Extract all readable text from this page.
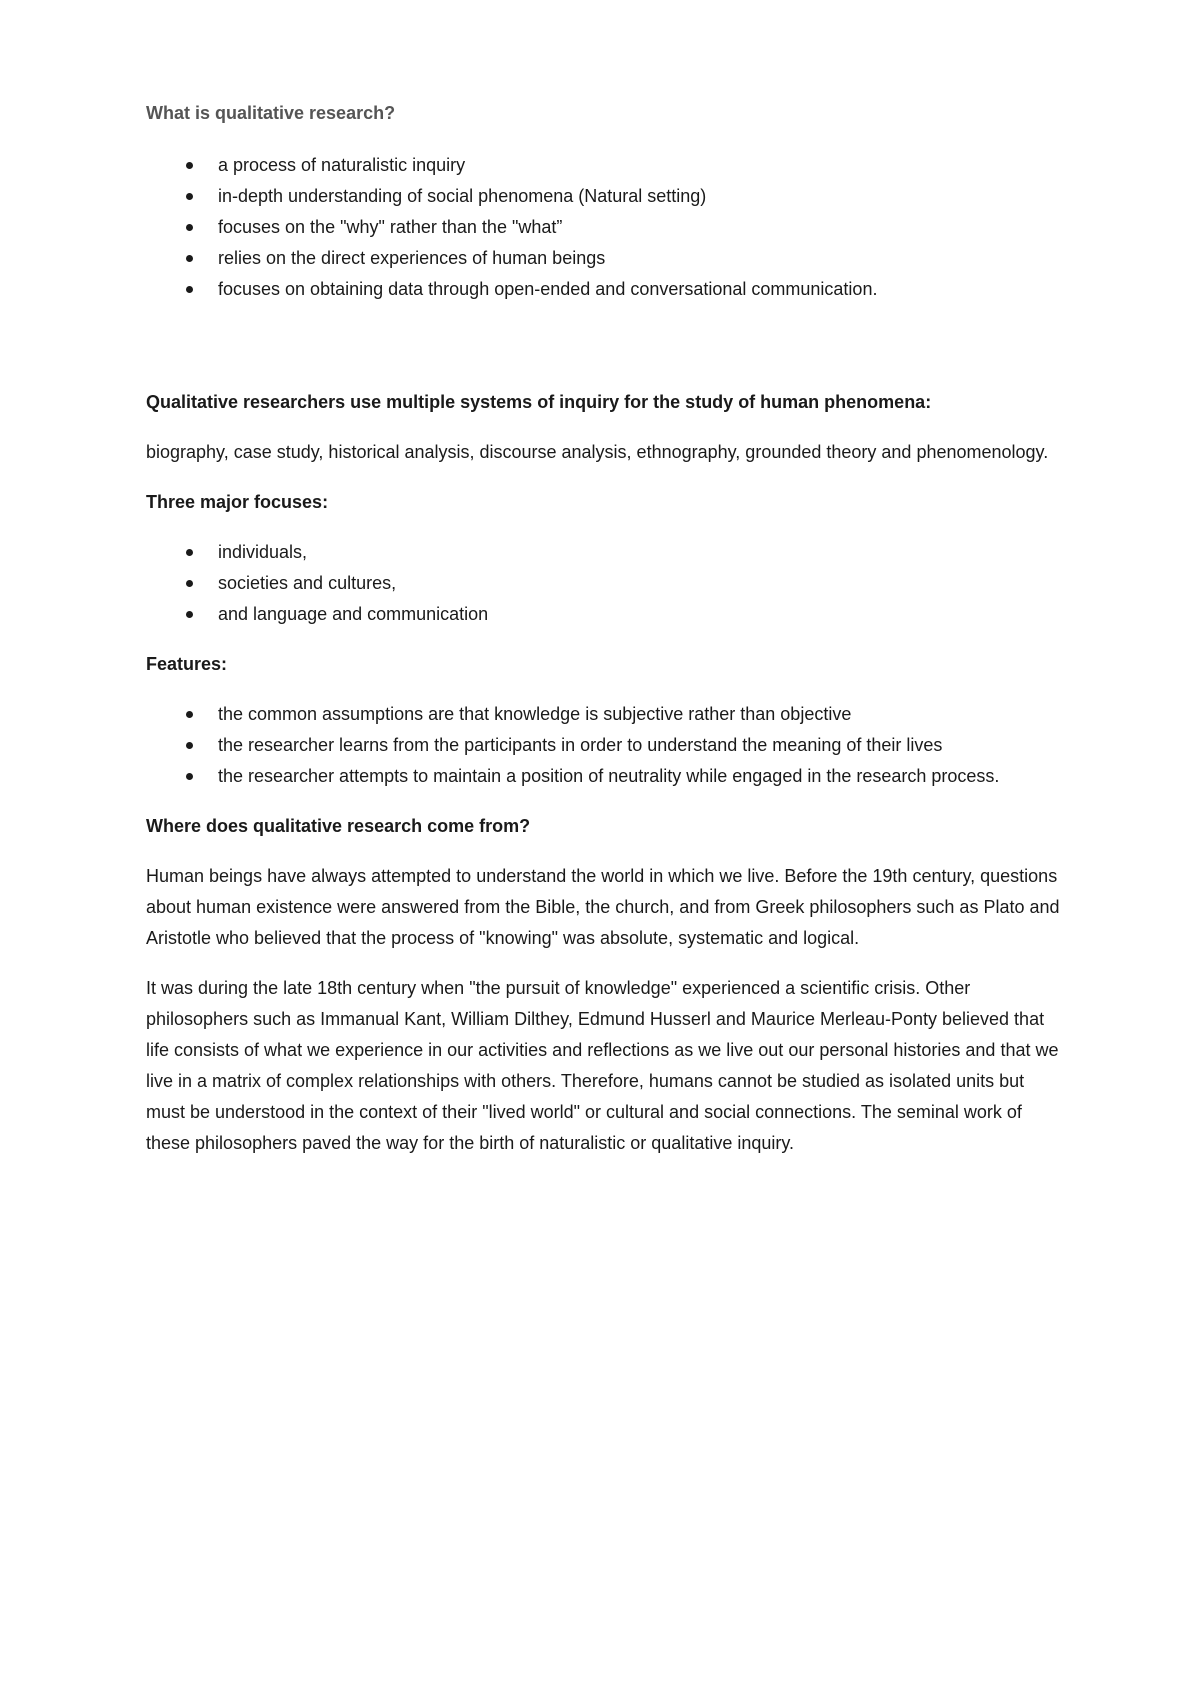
What is qualitative research?

a process of naturalistic inquiry
in-depth understanding of social phenomena (Natural setting)
focuses on the "why" rather than the "what”
relies on the direct experiences of human beings
focuses on obtaining data through open-ended and conversational communication.

Qualitative researchers use multiple systems of inquiry for the study of human phenomena:

biography, case study, historical analysis, discourse analysis, ethnography, grounded theory and phenomenology.

Three major focuses:

individuals,
societies and cultures,
and language and communication

Features:

the common assumptions are that knowledge is subjective rather than objective
the researcher learns from the participants in order to understand the meaning of their lives
the researcher attempts to maintain a position of neutrality while engaged in the research process.

Where does qualitative research come from?

Human beings have always attempted to understand the world in which we live. Before the 19th century, questions about human existence were answered from the Bible, the church, and from Greek philosophers such as Plato and Aristotle who believed that the process of "knowing" was absolute, systematic and logical.

It was during the late 18th century when "the pursuit of knowledge" experienced a scientific crisis. Other philosophers such as Immanual Kant, William Dilthey, Edmund Husserl and Maurice Merleau-Ponty believed that life consists of what we experience in our activities and reflections as we live out our personal histories and that we live in a matrix of complex relationships with others. Therefore, humans cannot be studied as isolated units but must be understood in the context of their "lived world" or cultural and social connections. The seminal work of these philosophers paved the way for the birth of naturalistic or qualitative inquiry.
